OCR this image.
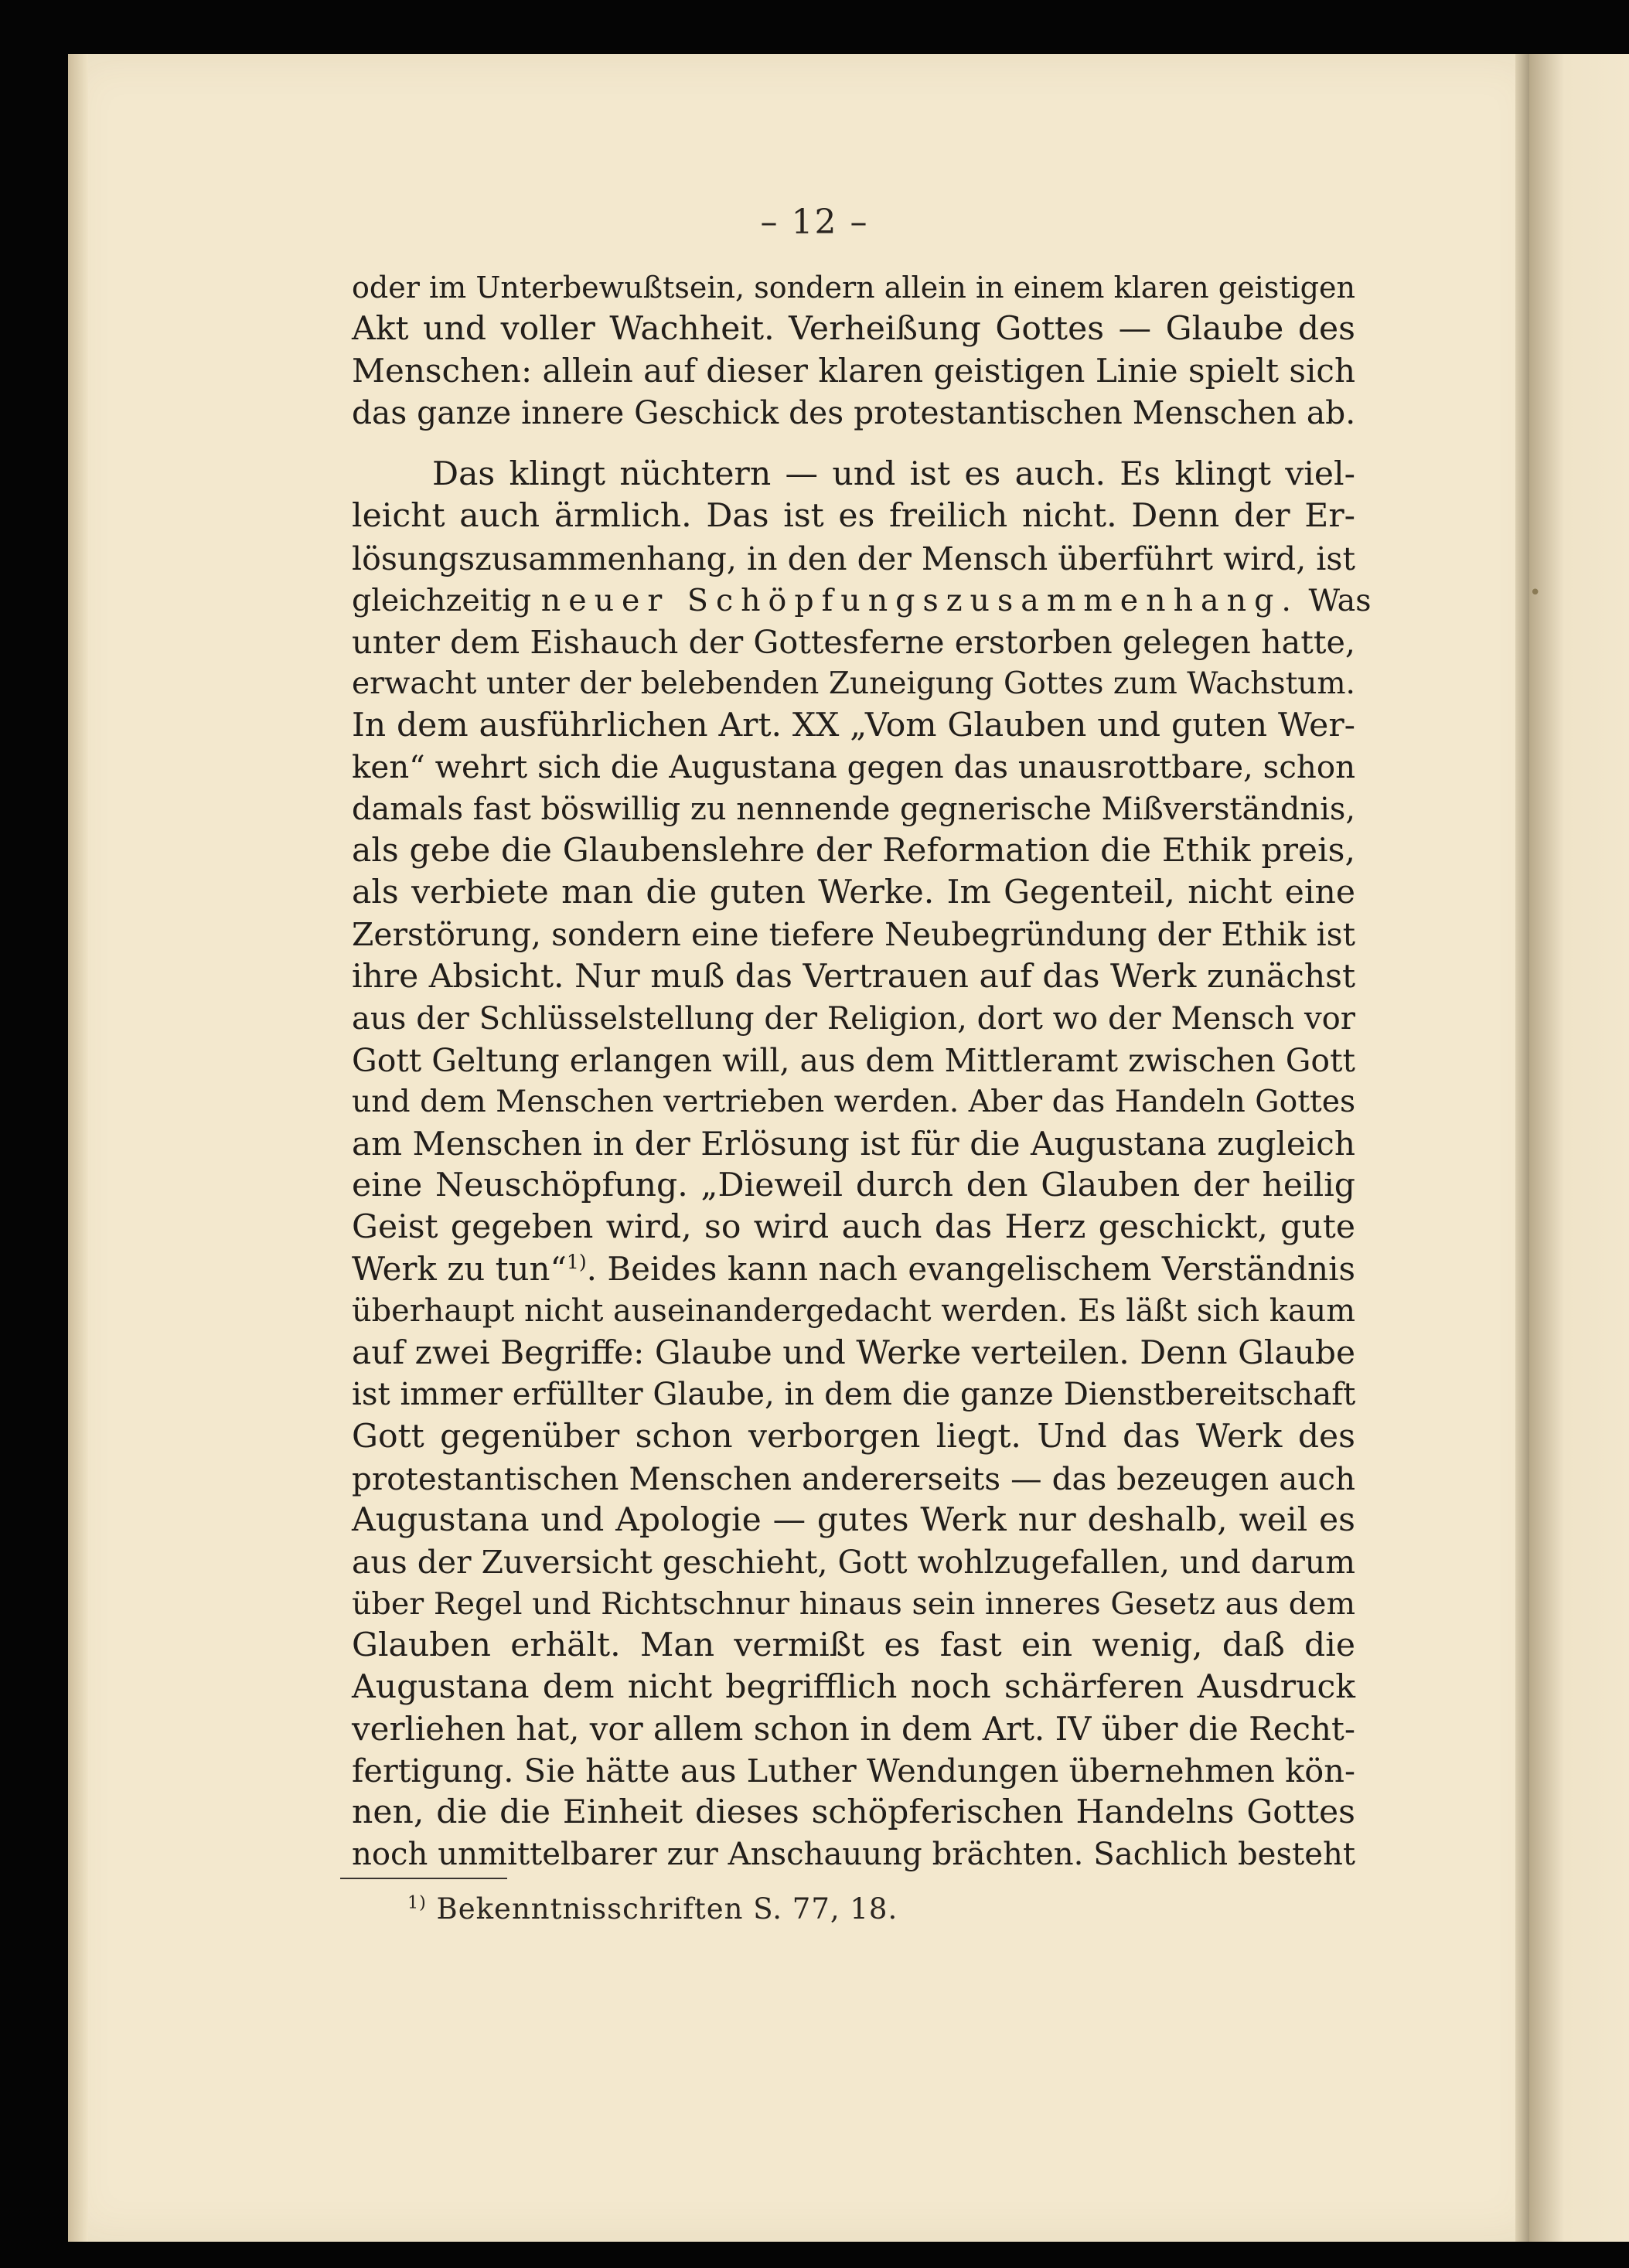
•
– 12 –
oder im Unterbewußtsein, sondern allein in einem klaren geistigen
Akt und voller Wachheit. Verheißung Gottes — Glaube des
Menschen: allein auf dieser klaren geistigen Linie spielt sich
das ganze innere Geschick des protestantischen Menschen ab.
Das klingt nüchtern — und ist es auch. Es klingt viel-
leicht auch ärmlich. Das ist es freilich nicht. Denn der Er-
lösungszusammenhang, in den der Mensch überführt wird, ist
gleichzeitig neuer Schöpfungszusammenhang. Was
unter dem Eishauch der Gottesferne erstorben gelegen hatte,
erwacht unter der belebenden Zuneigung Gottes zum Wachstum.
In dem ausführlichen Art. XX „Vom Glauben und guten Wer-
ken“ wehrt sich die Augustana gegen das unausrottbare, schon
damals fast böswillig zu nennende gegnerische Mißverständnis,
als gebe die Glaubenslehre der Reformation die Ethik preis,
als verbiete man die guten Werke. Im Gegenteil, nicht eine
Zerstörung, sondern eine tiefere Neubegründung der Ethik ist
ihre Absicht. Nur muß das Vertrauen auf das Werk zunächst
aus der Schlüsselstellung der Religion, dort wo der Mensch vor
Gott Geltung erlangen will, aus dem Mittleramt zwischen Gott
und dem Menschen vertrieben werden. Aber das Handeln Gottes
am Menschen in der Erlösung ist für die Augustana zugleich
eine Neuschöpfung. „Dieweil durch den Glauben der heilig
Geist gegeben wird, so wird auch das Herz geschickt, gute
Werk zu tun“$^{1)}$. Beides kann nach evangelischem Verständnis
überhaupt nicht auseinandergedacht werden. Es läßt sich kaum
auf zwei Begriffe: Glaube und Werke verteilen. Denn Glaube
ist immer erfüllter Glaube, in dem die ganze Dienstbereitschaft
Gott gegenüber schon verborgen liegt. Und das Werk des
protestantischen Menschen andererseits — das bezeugen auch
Augustana und Apologie — gutes Werk nur deshalb, weil es
aus der Zuversicht geschieht, Gott wohlzugefallen, und darum
über Regel und Richtschnur hinaus sein inneres Gesetz aus dem
Glauben erhält. Man vermißt es fast ein wenig, daß die
Augustana dem nicht begrifflich noch schärferen Ausdruck
verliehen hat, vor allem schon in dem Art. IV über die Recht-
fertigung. Sie hätte aus Luther Wendungen übernehmen kön-
nen, die die Einheit dieses schöpferischen Handelns Gottes
noch unmittelbarer zur Anschauung brächten. Sachlich besteht
$^{1)}$ Bekenntnisschriften S. 77, 18.
